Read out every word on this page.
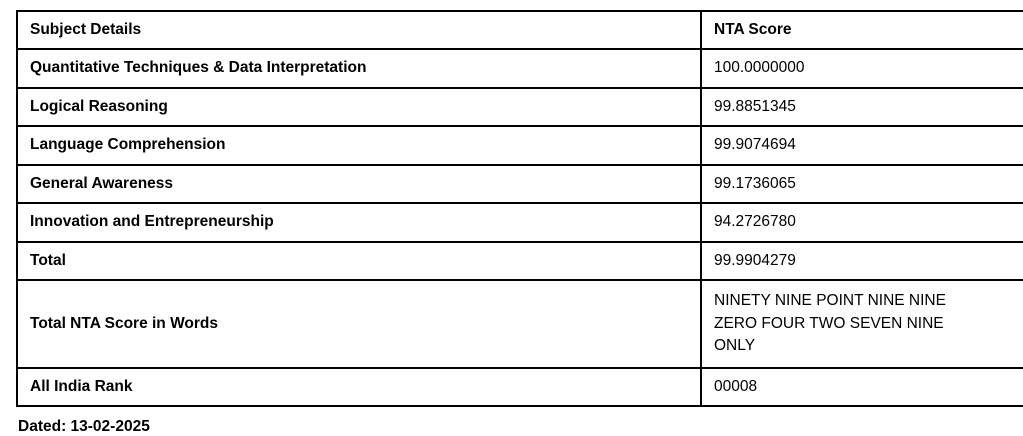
Subject Details	NTA Score
Quantitative Techniques & Data Interpretation	100.0000000
Logical Reasoning	99.8851345
Language Comprehension	99.9074694
General Awareness	99.1736065
Innovation and Entrepreneurship	94.2726780
Total	99.9904279
Total NTA Score in Words	NINETY NINE POINT NINE NINE
ZERO FOUR TWO SEVEN NINE
ONLY

All India Rank	00008
Dated: 13-02-2025
